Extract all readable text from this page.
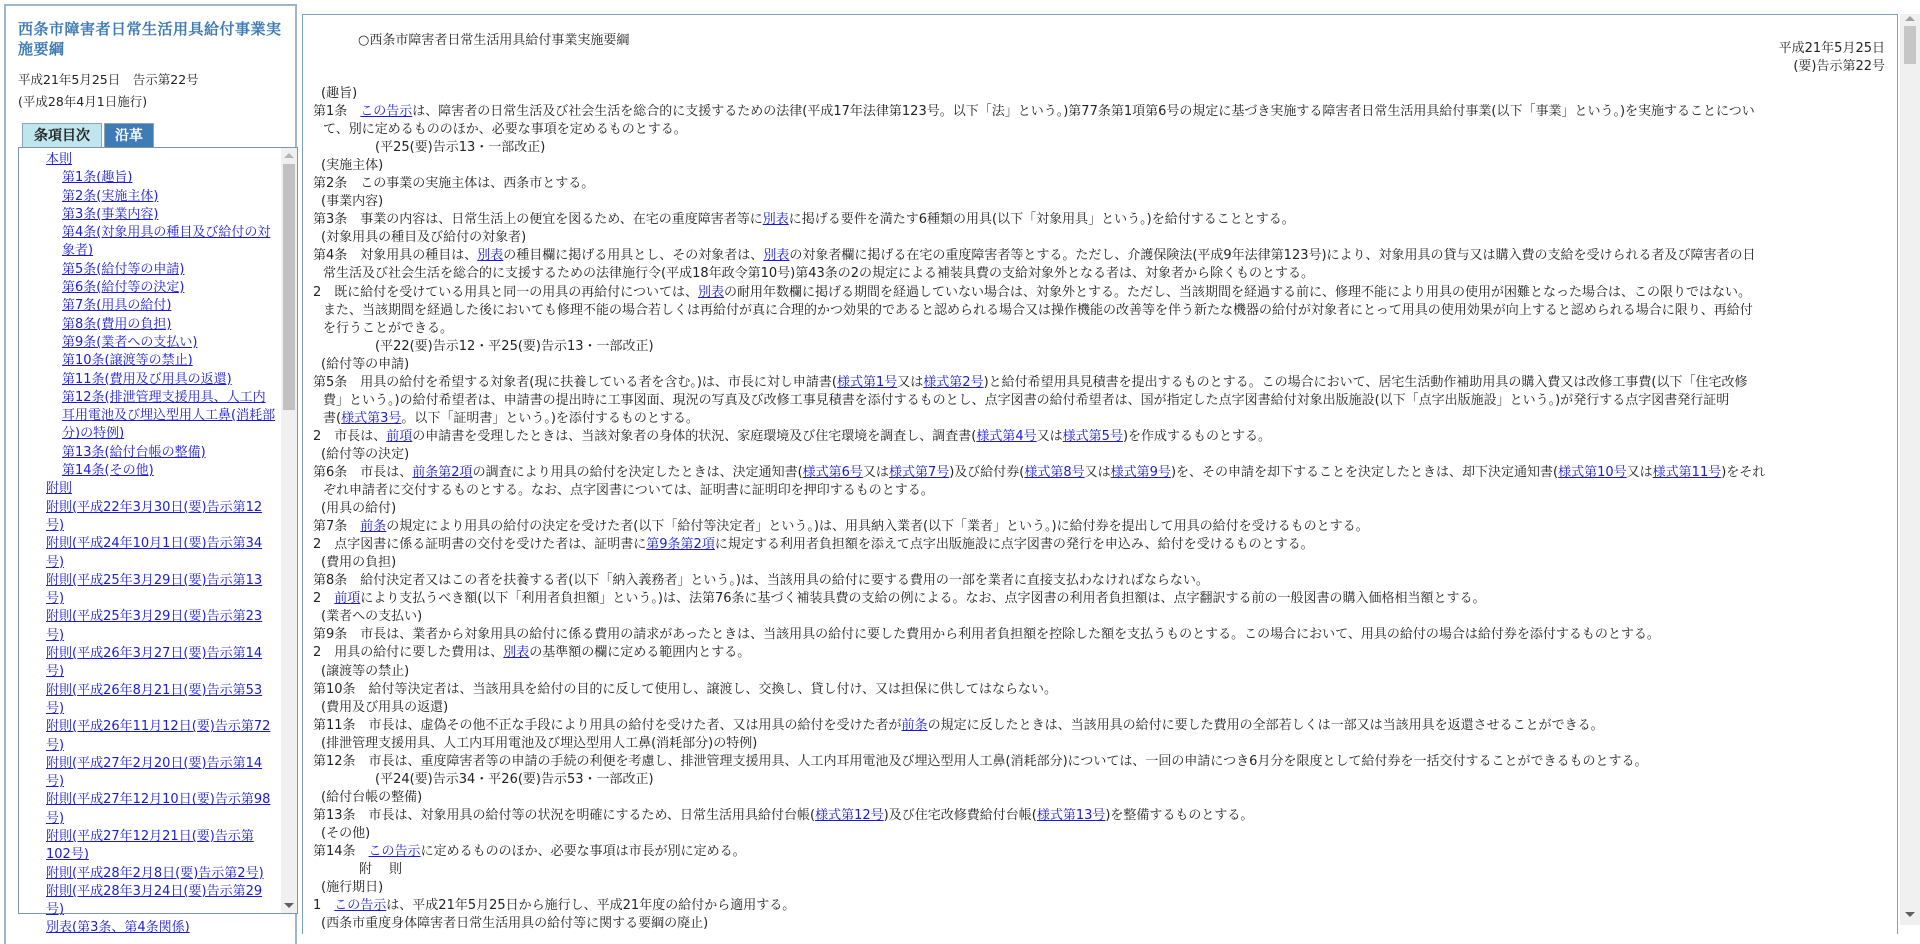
西条市障害者日常生活用具給付事業実施要綱
平成21年5月25日　告示第22号
(平成28年4月1日施行)
条項目次	沿革
本則
第1条(趣旨)
第2条(実施主体)
第3条(事業内容)
第4条(対象用具の種目及び給付の対象者)
第5条(給付等の申請)
第6条(給付等の決定)
第7条(用具の給付)
第8条(費用の負担)
第9条(業者への支払い)
第10条(譲渡等の禁止)
第11条(費用及び用具の返還)
第12条(排泄管理支援用具、人工内耳用電池及び埋込型用人工鼻(消耗部分)の特例)
第13条(給付台帳の整備)
第14条(その他)
附則
附則(平成22年3月30日(要)告示第12号)
附則(平成24年10月1日(要)告示第34号)
附則(平成25年3月29日(要)告示第13号)
附則(平成25年3月29日(要)告示第23号)
附則(平成26年3月27日(要)告示第14号)
附則(平成26年8月21日(要)告示第53号)
附則(平成26年11月12日(要)告示第72号)
附則(平成27年2月20日(要)告示第14号)
附則(平成27年12月10日(要)告示第98号)
附則(平成27年12月21日(要)告示第102号)
附則(平成28年2月8日(要)告示第2号)
附則(平成28年3月24日(要)告示第29号)
別表(第3条、第4条関係)
○西条市障害者日常生活用具給付事業実施要綱
平成21年5月25日
(要)告示第22号
(趣旨)
第1条　この告示は、障害者の日常生活及び社会生活を総合的に支援するための法律(平成17年法律第123号。以下「法」という。)第77条第1項第6号の規定に基づき実施する障害者日常生活用具給付事業(以下「事業」という。)を実施することについ
て、別に定めるもののほか、必要な事項を定めるものとする。
(平25(要)告示13・一部改正)
(実施主体)
第2条　この事業の実施主体は、西条市とする。
(事業内容)
第3条　事業の内容は、日常生活上の便宜を図るため、在宅の重度障害者等に別表に掲げる要件を満たす6種類の用具(以下「対象用具」という。)を給付することとする。
(対象用具の種目及び給付の対象者)
第4条　対象用具の種目は、別表の種目欄に掲げる用具とし、その対象者は、別表の対象者欄に掲げる在宅の重度障害者等とする。ただし、介護保険法(平成9年法律第123号)により、対象用具の貸与又は購入費の支給を受けられる者及び障害者の日
常生活及び社会生活を総合的に支援するための法律施行令(平成18年政令第10号)第43条の2の規定による補装具費の支給対象外となる者は、対象者から除くものとする。
2　既に給付を受けている用具と同一の用具の再給付については、別表の耐用年数欄に掲げる期間を経過していない場合は、対象外とする。ただし、当該期間を経過する前に、修理不能により用具の使用が困難となった場合は、この限りではない。
また、当該期間を経過した後においても修理不能の場合若しくは再給付が真に合理的かつ効果的であると認められる場合又は操作機能の改善等を伴う新たな機器の給付が対象者にとって用具の使用効果が向上すると認められる場合に限り、再給付
を行うことができる。
(平22(要)告示12・平25(要)告示13・一部改正)
(給付等の申請)
第5条　用具の給付を希望する対象者(現に扶養している者を含む。)は、市長に対し申請書(様式第1号又は様式第2号)と給付希望用具見積書を提出するものとする。この場合において、居宅生活動作補助用具の購入費又は改修工事費(以下「住宅改修
費」という。)の給付希望者は、申請書の提出時に工事図面、現況の写真及び改修工事見積書を添付するものとし、点字図書の給付希望者は、国が指定した点字図書給付対象出版施設(以下「点字出版施設」という。)が発行する点字図書発行証明
書(様式第3号。以下「証明書」という。)を添付するものとする。
2　市長は、前項の申請書を受理したときは、当該対象者の身体的状況、家庭環境及び住宅環境を調査し、調査書(様式第4号又は様式第5号)を作成するものとする。
(給付等の決定)
第6条　市長は、前条第2項の調査により用具の給付を決定したときは、決定通知書(様式第6号又は様式第7号)及び給付券(様式第8号又は様式第9号)を、その申請を却下することを決定したときは、却下決定通知書(様式第10号又は様式第11号)をそれ
ぞれ申請者に交付するものとする。なお、点字図書については、証明書に証明印を押印するものとする。
(用具の給付)
第7条　前条の規定により用具の給付の決定を受けた者(以下「給付等決定者」という。)は、用具納入業者(以下「業者」という。)に給付券を提出して用具の給付を受けるものとする。
2　点字図書に係る証明書の交付を受けた者は、証明書に第9条第2項に規定する利用者負担額を添えて点字出版施設に点字図書の発行を申込み、給付を受けるものとする。
(費用の負担)
第8条　給付決定者又はこの者を扶養する者(以下「納入義務者」という。)は、当該用具の給付に要する費用の一部を業者に直接支払わなければならない。
2　前項により支払うべき額(以下「利用者負担額」という。)は、法第76条に基づく補装具費の支給の例による。なお、点字図書の利用者負担額は、点字翻訳する前の一般図書の購入価格相当額とする。
(業者への支払い)
第9条　市長は、業者から対象用具の給付に係る費用の請求があったときは、当該用具の給付に要した費用から利用者負担額を控除した額を支払うものとする。この場合において、用具の給付の場合は給付券を添付するものとする。
2　用具の給付に要した費用は、別表の基準額の欄に定める範囲内とする。
(譲渡等の禁止)
第10条　給付等決定者は、当該用具を給付の目的に反して使用し、譲渡し、交換し、貸し付け、又は担保に供してはならない。
(費用及び用具の返還)
第11条　市長は、虚偽その他不正な手段により用具の給付を受けた者、又は用具の給付を受けた者が前条の規定に反したときは、当該用具の給付に要した費用の全部若しくは一部又は当該用具を返還させることができる。
(排泄管理支援用具、人工内耳用電池及び埋込型用人工鼻(消耗部分)の特例)
第12条　市長は、重度障害者等の申請の手続の利便を考慮し、排泄管理支援用具、人工内耳用電池及び埋込型用人工鼻(消耗部分)については、一回の申請につき6月分を限度として給付券を一括交付することができるものとする。
(平24(要)告示34・平26(要)告示53・一部改正)
(給付台帳の整備)
第13条　市長は、対象用具の給付等の状況を明確にするため、日常生活用具給付台帳(様式第12号)及び住宅改修費給付台帳(様式第13号)を整備するものとする。
(その他)
第14条　この告示に定めるもののほか、必要な事項は市長が別に定める。
附　則
(施行期日)
1　この告示は、平成21年5月25日から施行し、平成21年度の給付から適用する。
(西条市重度身体障害者日常生活用具の給付等に関する要綱の廃止)
